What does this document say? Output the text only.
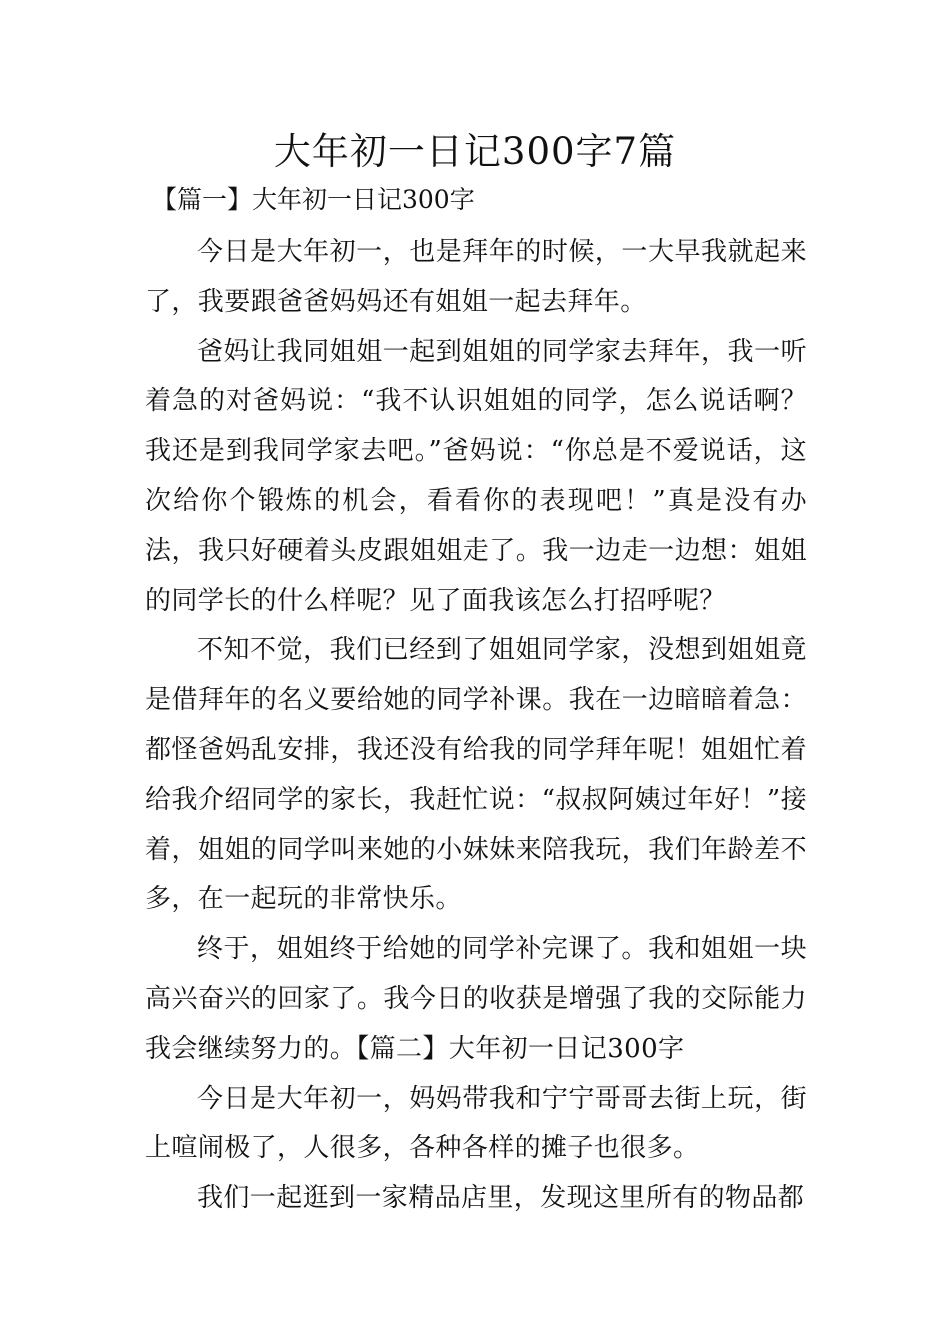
大年初一日记300字7篇
【篇一】大年初一日记300字

今日是大年初一，也是拜年的时候，一大早我就起来了，我要跟爸爸妈妈还有姐姐一起去拜年。

爸妈让我同姐姐一起到姐姐的同学家去拜年，我一听着急的对爸妈说：“我不认识姐姐的同学，怎么说话啊？我还是到我同学家去吧。”爸妈说：“你总是不爱说话，这次给你个锻炼的机会，看看你的表现吧！”真是没有办法，我只好硬着头皮跟姐姐走了。我一边走一边想：姐姐的同学长的什么样呢？见了面我该怎么打招呼呢？

不知不觉，我们已经到了姐姐同学家，没想到姐姐竟是借拜年的名义要给她的同学补课。我在一边暗暗着急：都怪爸妈乱安排，我还没有给我的同学拜年呢！姐姐忙着给我介绍同学的家长，我赶忙说：“叔叔阿姨过年好！”接着，姐姐的同学叫来她的小妹妹来陪我玩，我们年龄差不多，在一起玩的非常快乐。

终于，姐姐终于给她的同学补完课了。我和姐姐一块高兴奋兴的回家了。我今日的收获是增强了我的交际能力我会继续努力的。【篇二】大年初一日记300字

今日是大年初一，妈妈带我和宁宁哥哥去街上玩，街上喧闹极了，人很多，各种各样的摊子也很多。

我们一起逛到一家精品店里，发现这里所有的物品都
